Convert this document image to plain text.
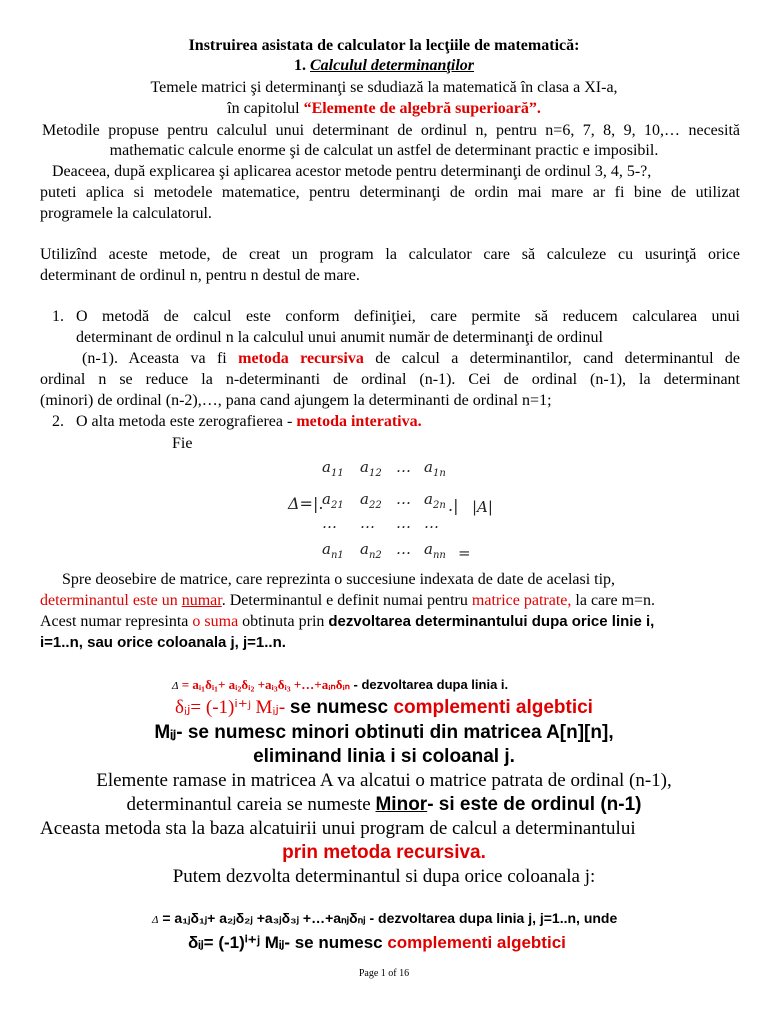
Instruirea asistata de calculator la lecţiile de matematică:
1. Calculul determinanţilor
Temele matrici şi determinanţi se sdudiază la matematică în clasa a XI-a,
în capitolul “Elemente de algebră superioară”.
Metodile propuse pentru calculul unui determinant de ordinul n, pentru n=6, 7, 8, 9, 10,… necesită
mathematic calcule enorme şi de calculat un astfel de determinant practic e imposibil.
Deaceea, după explicarea şi aplicarea acestor metode pentru determinanţi de ordinul 3, 4, 5-?,
puteti aplica si metodele matematice, pentru determinanţi de ordin mai mare ar fi bine de utilizat
programele la calculatorul.
Utilizînd aceste metode, de creat un program la calculator care să calculeze cu usurinţă orice
determinant de ordinul n, pentru n destul de mare.
1. O metodă de calcul este conform definiţiei, care permite să reducem calcularea unui
determinant de ordinul n la calculul unui anumit număr de determinanţi de ordinul
(n-1). Aceasta va fi metoda recursiva de calcul a determinantilor, cand determinantul de
ordinal n se reduce la n-determinanti de ordinal (n-1). Cei de ordinal (n-1), la determinant
(minori) de ordinal (n-2),…, pana cand ajungem la determinanti de ordinal n=1;
2. O alta metoda este zerografierea - metoda interativa.
Fie
$a_{11}$ $a_{12}$ … $a_{1n}$
Δ=|.
$a_{21}$ $a_{22}$ … $a_{2n}$ .| |A|
… … … …
$a_{n1}$ $a_{n2}$ … $a_{nn}$ =
Spre deosebire de matrice, care reprezinta o succesiune indexata de date de acelasi tip,
determinantul este un numar. Determinantul e definit numai pentru matrice patrate, la care m=n.
Acest numar represinta o suma obtinuta prin dezvoltarea determinantului dupa orice linie i,
i=1..n, sau orice coloanala j, j=1..n.
Δ = aᵢ₁δᵢ₁+ aᵢ₂δᵢ₂ +aᵢ₃δᵢ₃ +…+aᵢₙδᵢₙ - dezvoltarea dupa linia i.
δᵢⱼ= (-1)ⁱ⁺ʲ Mᵢⱼ- se numesc complementi algebtici
Mᵢⱼ- se numesc minori obtinuti din matricea A[n][n],
eliminand linia i si coloanal j.
Elemente ramase in matricea A va alcatui o matrice patrata de ordinal (n-1),
determinantul careia se numeste Minor- si este de ordinul (n-1)
Aceasta metoda sta la baza alcatuirii unui program de calcul a determinantului
prin metoda recursiva.
Putem dezvolta determinantul si dupa orice coloanala j:
Δ = a₁ⱼδ₁ⱼ+ a₂ⱼδ₂ⱼ +a₃ⱼδ₃ⱼ +…+aₙⱼδₙⱼ - dezvoltarea dupa linia j, j=1..n, unde
δᵢⱼ= (-1)ⁱ⁺ʲ Mᵢⱼ- se numesc complementi algebtici
Page 1 of 16
